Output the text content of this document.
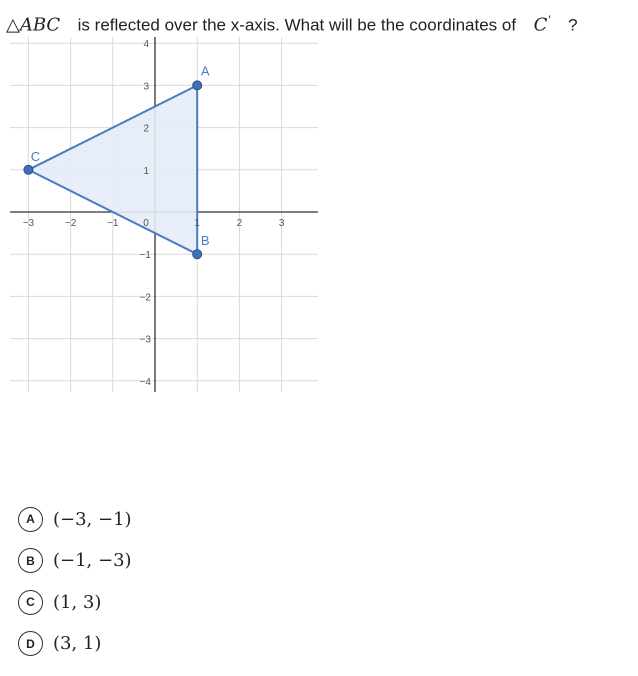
△ABC is reflected over the x-axis. What will be the coordinates of C′ ?
−3	−2	−1 0	1	2	3
4
3
2
1
−1
−2
−3
−4
A
B
C
A	(−3, −1)
B	(−1, −3)
C	(1, 3)
D	(3, 1)
